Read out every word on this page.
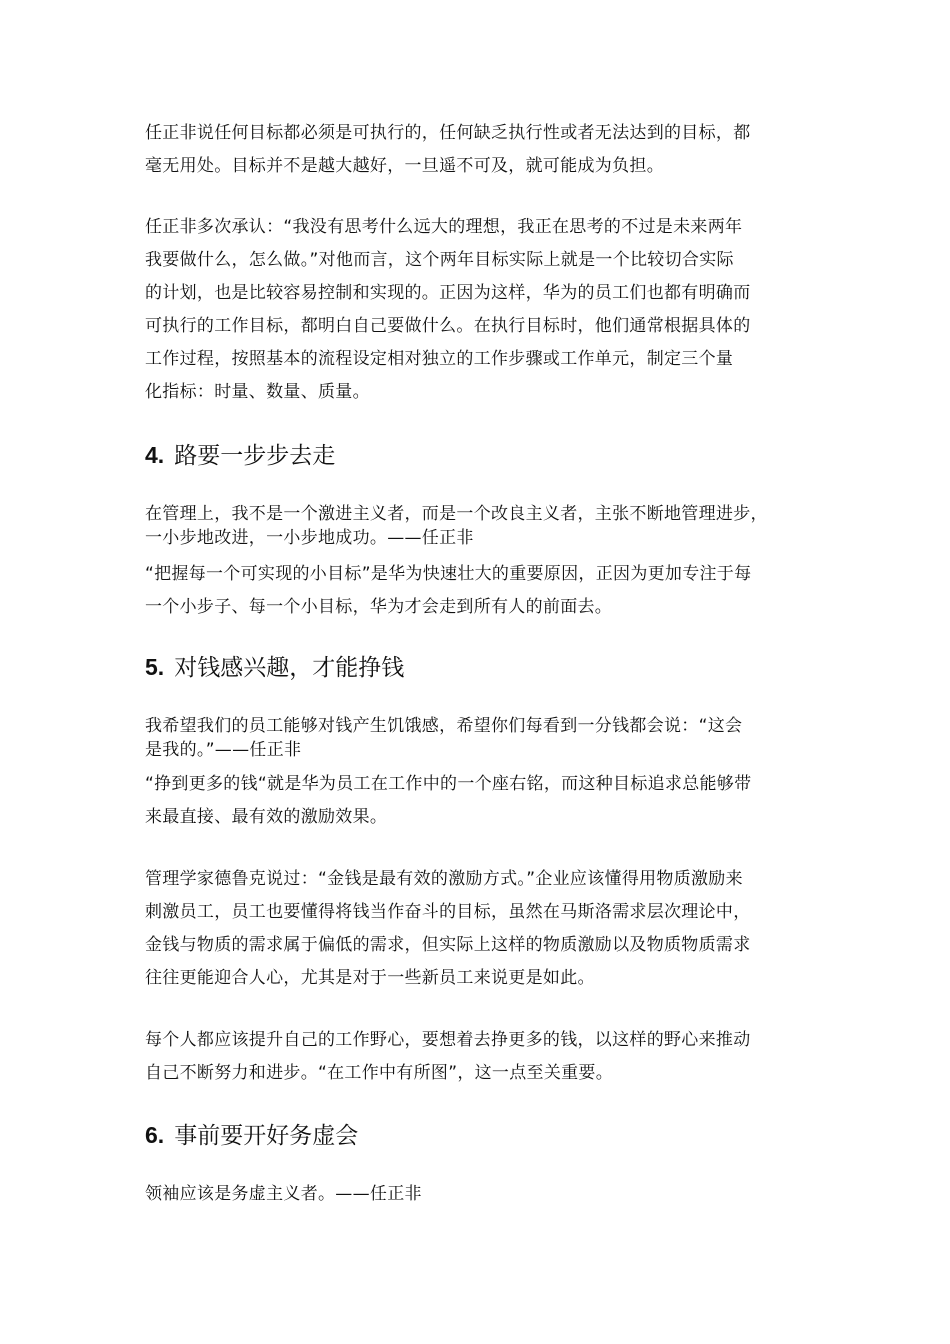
任正非说任何目标都必须是可执行的，任何缺乏执行性或者无法达到的目标，都
毫无用处。目标并不是越大越好，一旦遥不可及，就可能成为负担。
任正非多次承认：“我没有思考什么远大的理想，我正在思考的不过是未来两年
我要做什么，怎么做。”对他而言，这个两年目标实际上就是一个比较切合实际
的计划，也是比较容易控制和实现的。正因为这样，华为的员工们也都有明确而
可执行的工作目标，都明白自己要做什么。在执行目标时，他们通常根据具体的
工作过程，按照基本的流程设定相对独立的工作步骤或工作单元，制定三个量
化指标：时量、数量、质量。
4. 路要一步步去走
在管理上，我不是一个激进主义者，而是一个改良主义者，主张不断地管理进步，
一小步地改进，一小步地成功。——任正非
“把握每一个可实现的小目标”是华为快速壮大的重要原因，正因为更加专注于每
一个小步子、每一个小目标，华为才会走到所有人的前面去。
5. 对钱感兴趣，才能挣钱
我希望我们的员工能够对钱产生饥饿感，希望你们每看到一分钱都会说：“这会
是我的。”——任正非
“挣到更多的钱“就是华为员工在工作中的一个座右铭，而这种目标追求总能够带
来最直接、最有效的激励效果。
管理学家德鲁克说过：“金钱是最有效的激励方式。”企业应该懂得用物质激励来
刺激员工，员工也要懂得将钱当作奋斗的目标，虽然在马斯洛需求层次理论中，
金钱与物质的需求属于偏低的需求，但实际上这样的物质激励以及物质物质需求
往往更能迎合人心，尤其是对于一些新员工来说更是如此。
每个人都应该提升自己的工作野心，要想着去挣更多的钱，以这样的野心来推动
自己不断努力和进步。“在工作中有所图”，这一点至关重要。
6. 事前要开好务虚会
领袖应该是务虚主义者。——任正非
